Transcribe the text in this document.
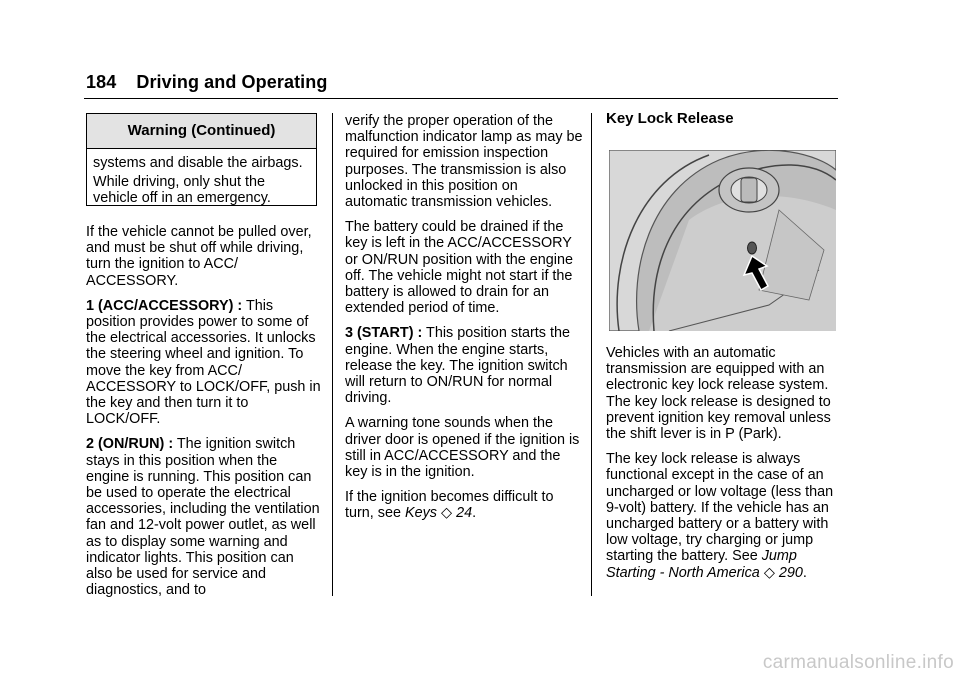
184 Driving and Operating
Warning (Continued)

systems and disable the airbags.

While driving, only shut the vehicle off in an emergency.

If the vehicle cannot be pulled over, and must be shut off while driving, turn the ignition to ACC/ ACCESSORY.

1 (ACC/ACCESSORY) : This position provides power to some of the electrical accessories. It unlocks the steering wheel and ignition. To move the key from ACC/ ACCESSORY to LOCK/OFF, push in the key and then turn it to LOCK/OFF.

2 (ON/RUN) : The ignition switch stays in this position when the engine is running. This position can be used to operate the electrical accessories, including the ventilation fan and 12-volt power outlet, as well as to display some warning and indicator lights. This position can also be used for service and diagnostics, and to

verify the proper operation of the malfunction indicator lamp as may be required for emission inspection purposes. The transmission is also unlocked in this position on automatic transmission vehicles.

The battery could be drained if the key is left in the ACC/ACCESSORY or ON/RUN position with the engine off. The vehicle might not start if the battery is allowed to drain for an extended period of time.

3 (START) : This position starts the engine. When the engine starts, release the key. The ignition switch will return to ON/RUN for normal driving.

A warning tone sounds when the driver door is opened if the ignition is still in ACC/ACCESSORY and the key is in the ignition.

If the ignition becomes difficult to turn, see Keys ◇ 24.

Key Lock Release

Vehicles with an automatic transmission are equipped with an electronic key lock release system. The key lock release is designed to prevent ignition key removal unless the shift lever is in P (Park).

The key lock release is always functional except in the case of an uncharged or low voltage (less than 9-volt) battery. If the vehicle has an uncharged battery or a battery with low voltage, try charging or jump starting the battery. See Jump Starting - North America ◇ 290.

carmanualsonline.info
